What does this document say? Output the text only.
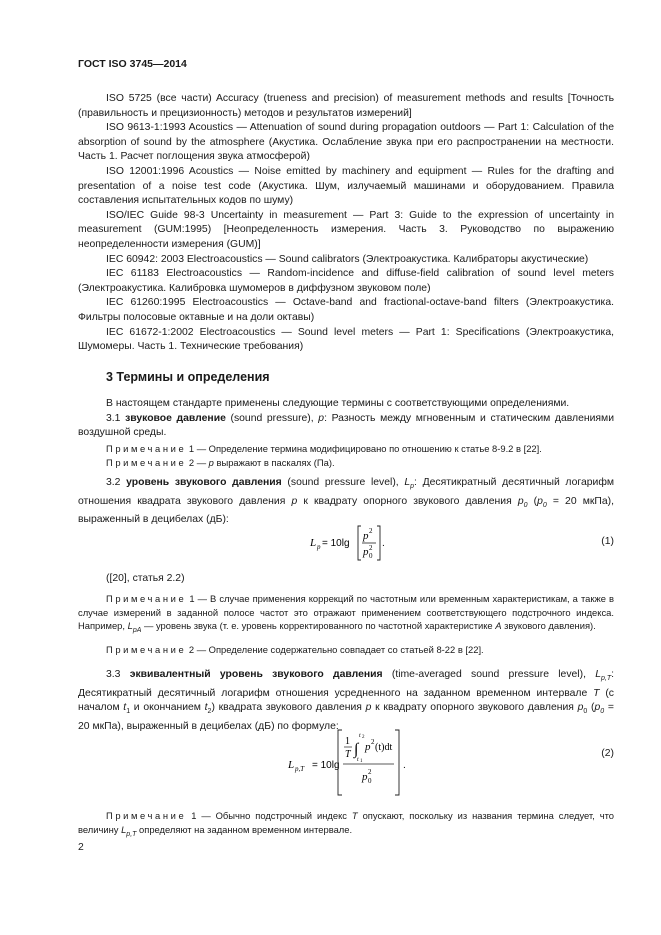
ГОСТ ISO 3745—2014

ISO 5725 (все части) Accuracy (trueness and precision) of measurement methods and results [Точность (правильность и прецизионность) методов и результатов измерений]

ISO 9613-1:1993 Acoustics — Attenuation of sound during propagation outdoors — Part 1: Calculation of the absorption of sound by the atmosphere (Акустика. Ослабление звука при его распространении на местности. Часть 1. Расчет поглощения звука атмосферой)

ISO 12001:1996 Acoustics — Noise emitted by machinery and equipment — Rules for the drafting and presentation of a noise test code (Акустика. Шум, излучаемый машинами и оборудованием. Правила составления испытательных кодов по шуму)

ISO/IEC Guide 98-3 Uncertainty in measurement — Part 3: Guide to the expression of uncertainty in measurement (GUM:1995) [Неопределенность измерения. Часть 3. Руководство по выражению неопределенности измерения (GUM)]

IEC 60942: 2003 Electroacoustics — Sound calibrators (Электроакустика. Калибраторы акустические)

IEC 61183 Electroacoustics — Random-incidence and diffuse-field calibration of sound level meters (Электроакустика. Калибровка шумомеров в диффузном звуковом поле)

IEC 61260:1995 Electroacoustics — Octave-band and fractional-octave-band filters (Электроакустика. Фильтры полосовые октавные и на доли октавы)

IEC 61672-1:2002 Electroacoustics — Sound level meters — Part 1: Specifications (Электроакустика, Шумомеры. Часть 1. Технические требования)

3 Термины и определения

В настоящем стандарте применены следующие термины с соответствующими определениями.

3.1 звуковое давление (sound pressure), p: Разность между мгновенным и статическим давлениями воздушной среды.

Примечание 1 — Определение термина модифицировано по отношению к статье 8-9.2 в [22].

Примечание 2 — p выражают в паскалях (Па).

3.2 уровень звукового давления (sound pressure level), $L_p$: Десятикратный десятичный логарифм отношения квадрата звукового давления p к квадрату опорного звукового давления $p_0$ ($p_0 = 20$ мкПа), выраженный в децибелах (дБ):

L p = 10lg
p 2
p 2
0
.	(1)

([20], статья 2.2)

Примечание 1 — В случае применения коррекций по частотным или временным характеристикам, а также в случае измерений в заданной полосе частот это отражают применением соответствующего подстрочного индекса. Например, $L_{pA}$ — уровень звука (т. е. уровень корректированного по частотной характеристике A звукового давления).

Примечание 2 — Определение содержательно совпадает со статьей 8-22 в [22].

3.3 эквивалентный уровень звукового давления (time-averaged sound pressure level), $L_{p,T}$: Десятикратный десятичный логарифм отношения усредненного на заданном временном интервале T (с началом $t_1$ и окончанием $t_2$) квадрата звукового давления p к квадрату опорного звукового давления $p_0$ ($p_0 = 20$ мкПа), выраженный в децибелах (дБ) по формуле:

L p,T = 10lg
1
T ∫
t 2
t 1
p 2 (t)dt
p 2
0
.
(2)

Примечание 1 — Обычно подстрочный индекс T опускают, поскольку из названия термина следует, что величину $L_{p,T}$ определяют на заданном временном интервале.

2
